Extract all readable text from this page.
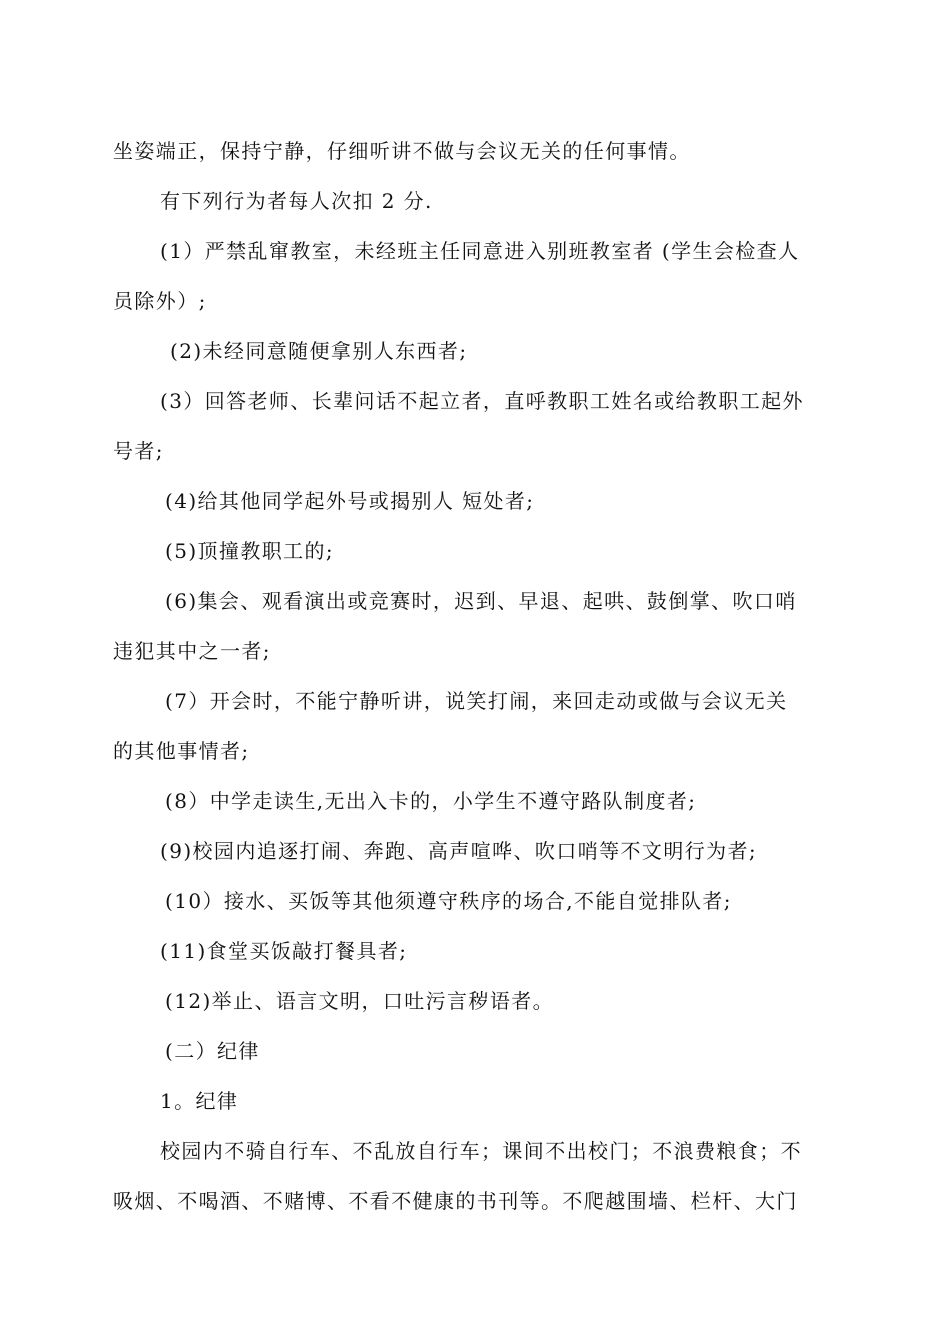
坐姿端正，保持宁静，仔细听讲不做与会议无关的任何事情。
有下列行为者每人次扣 2 分.
(1）严禁乱窜教室，未经班主任同意进入别班教室者 (学生会检查人
员除外）;
(2)未经同意随便拿别人东西者;
(3）回答老师、长辈问话不起立者，直呼教职工姓名或给教职工起外
号者;
(4)给其他同学起外号或揭别人 短处者;
(5)顶撞教职工的;
(6)集会、观看演出或竞赛时，迟到、早退、起哄、鼓倒掌、吹口哨
违犯其中之一者;
(7）开会时，不能宁静听讲，说笑打闹，来回走动或做与会议无关
的其他事情者;
(8）中学走读生,无出入卡的，小学生不遵守路队制度者;
(9)校园内追逐打闹、奔跑、高声喧哗、吹口哨等不文明行为者;
(10）接水、买饭等其他须遵守秩序的场合,不能自觉排队者;
(11)食堂买饭敲打餐具者;
(12)举止、语言文明，口吐污言秽语者。
(二）纪律
1。纪律
校园内不骑自行车、不乱放自行车；课间不出校门；不浪费粮食；不
吸烟、不喝酒、不赌博、不看不健康的书刊等。不爬越围墙、栏杆、大门
